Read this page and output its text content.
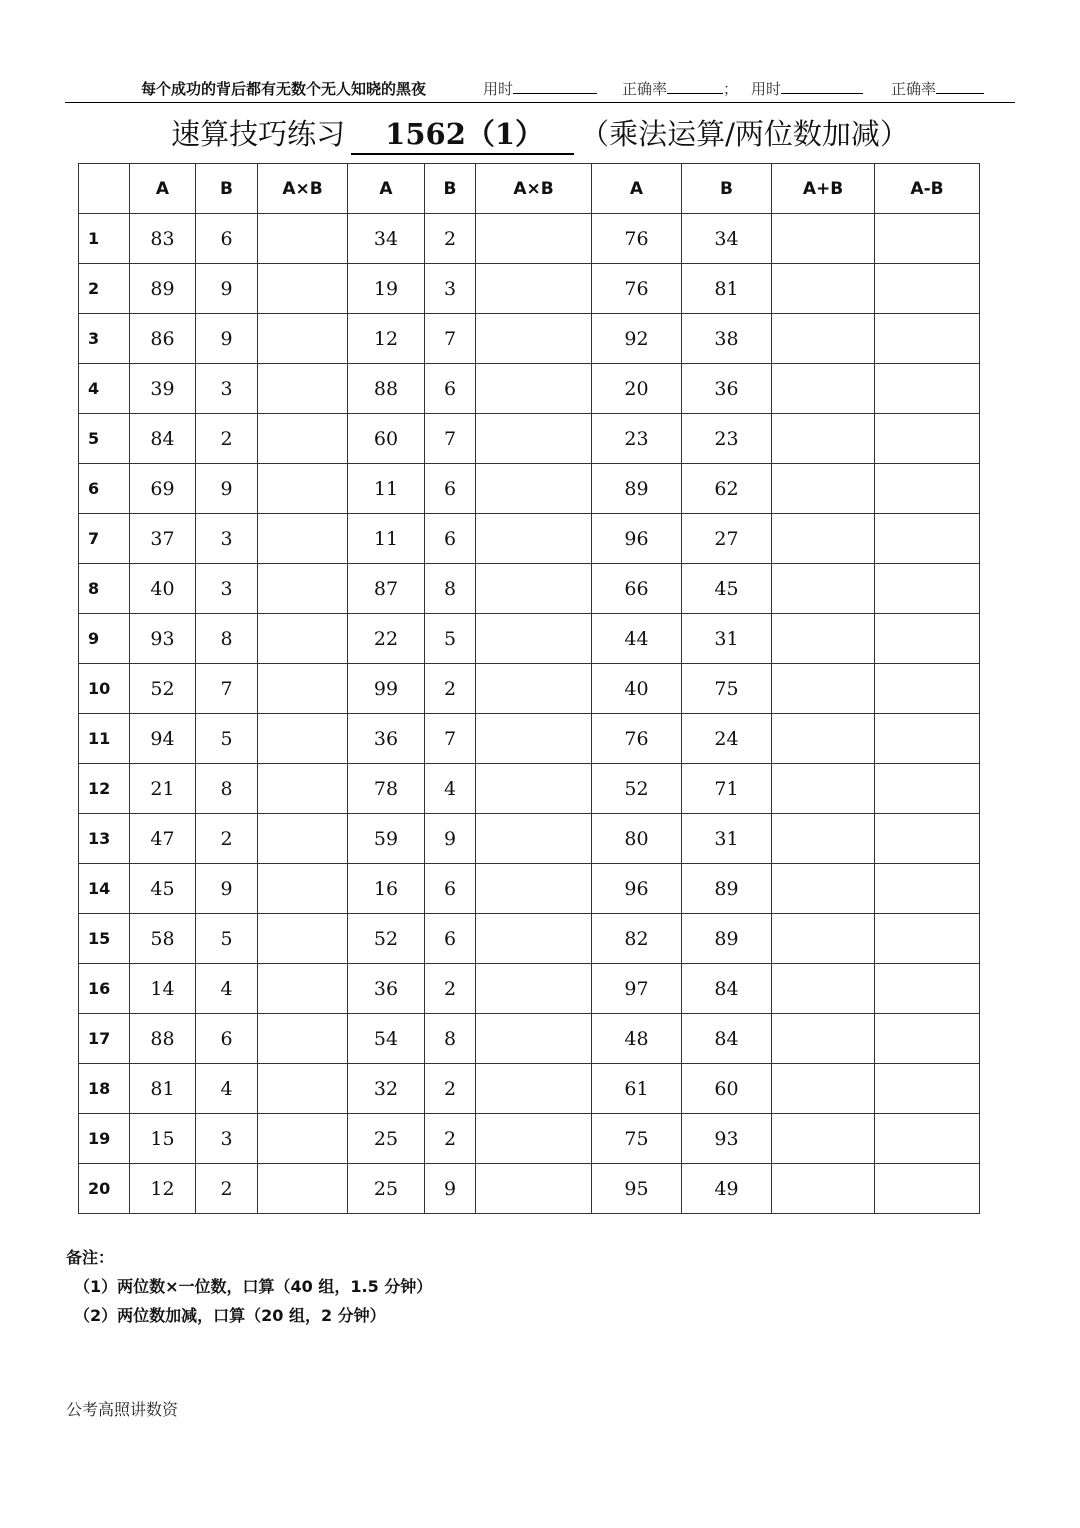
每个成功的背后都有无数个无人知晓的黑夜	用时	正确率	； 用时	正确率
速算技巧练习 1562（1） （乘法运算/两位数加减）
	A	B	A×B	A	B	A×B	A	B	A+B	A-B
1	83	6		34	2		76	34		
2	89	9		19	3		76	81		
3	86	9		12	7		92	38		
4	39	3		88	6		20	36		
5	84	2		60	7		23	23		
6	69	9		11	6		89	62		
7	37	3		11	6		96	27		
8	40	3		87	8		66	45		
9	93	8		22	5		44	31		
10	52	7		99	2		40	75		
11	94	5		36	7		76	24		
12	21	8		78	4		52	71		
13	47	2		59	9		80	31		
14	45	9		16	6		96	89		
15	58	5		52	6		82	89		
16	14	4		36	2		97	84		
17	88	6		54	8		48	84		
18	81	4		32	2		61	60		
19	15	3		25	2		75	93		
20	12	2		25	9		95	49		
备注：
（1）两位数×一位数，口算（40 组，1.5 分钟）
（2）两位数加减，口算（20 组，2 分钟）
公考高照讲数资
